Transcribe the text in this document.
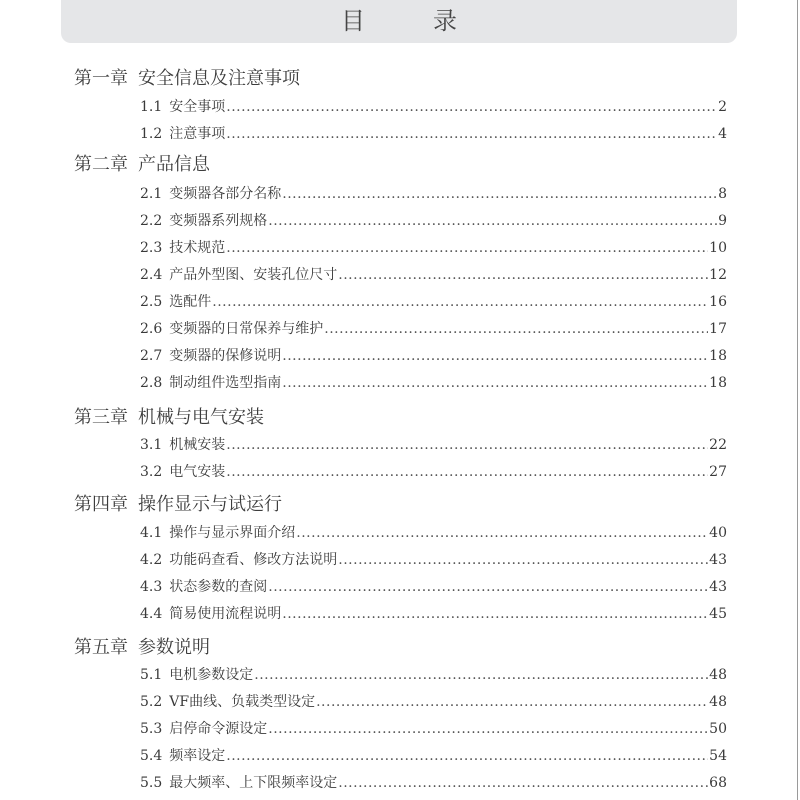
目　录
第一章 安全信息及注意事项
1.1 安全事项 .....	2
1.2 注意事项 .....	4
第二章 产品信息
2.1 变频器各部分名称 .....	8
2.2 变频器系列规格 .....	9
2.3 技术规范 .....	10
2.4 产品外型图、安装孔位尺寸 .....	12
2.5 选配件 .....	16
2.6 变频器的日常保养与维护 .....	17
2.7 变频器的保修说明 .....	18
2.8 制动组件选型指南 .....	18
第三章 机械与电气安装
3.1 机械安装 .....	22
3.2 电气安装 .....	27
第四章 操作显示与试运行
4.1 操作与显示界面介绍 .....	40
4.2 功能码查看、修改方法说明 .....	43
4.3 状态参数的查阅 .....	43
4.4 简易使用流程说明 .....	45
第五章 参数说明
5.1 电机参数设定 .....	48
5.2 VF曲线、负载类型设定 .....	48
5.3 启停命令源设定 .....	50
5.4 频率设定 .....	54
5.5 最大频率、上下限频率设定 .....	68
